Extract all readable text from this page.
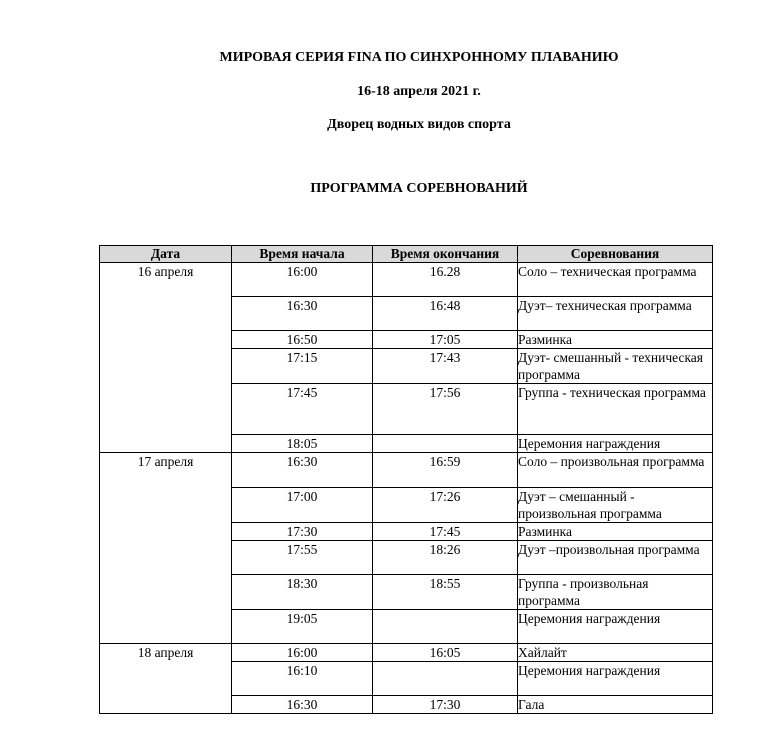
МИРОВАЯ СЕРИЯ FINA ПО СИНХРОННОМУ ПЛАВАНИЮ
16-18 апреля 2021 г.
Дворец водных видов спорта
ПРОГРАММА СОРЕВНОВАНИЙ
Дата	Время начала	Время окончания	Соревнования
16 апреля	16:00	16.28	Соло – техническая программа
	16:30	16:48	Дуэт– техническая программа
	16:50	17:05	Разминка
	17:15	17:43	Дуэт- смешанный - техническая программа
	17:45	17:56	Группа - техническая программа
	18:05		Церемония награждения
17 апреля	16:30	16:59	Соло – произвольная программа
	17:00	17:26	Дуэт – смешанный - произвольная программа
	17:30	17:45	Разминка
	17:55	18:26	Дуэт –произвольная программа
	18:30	18:55	Группа - произвольная программа
	19:05		Церемония награждения
18 апреля	16:00	16:05	Хайлайт
	16:10		Церемония награждения
	16:30	17:30	Гала
